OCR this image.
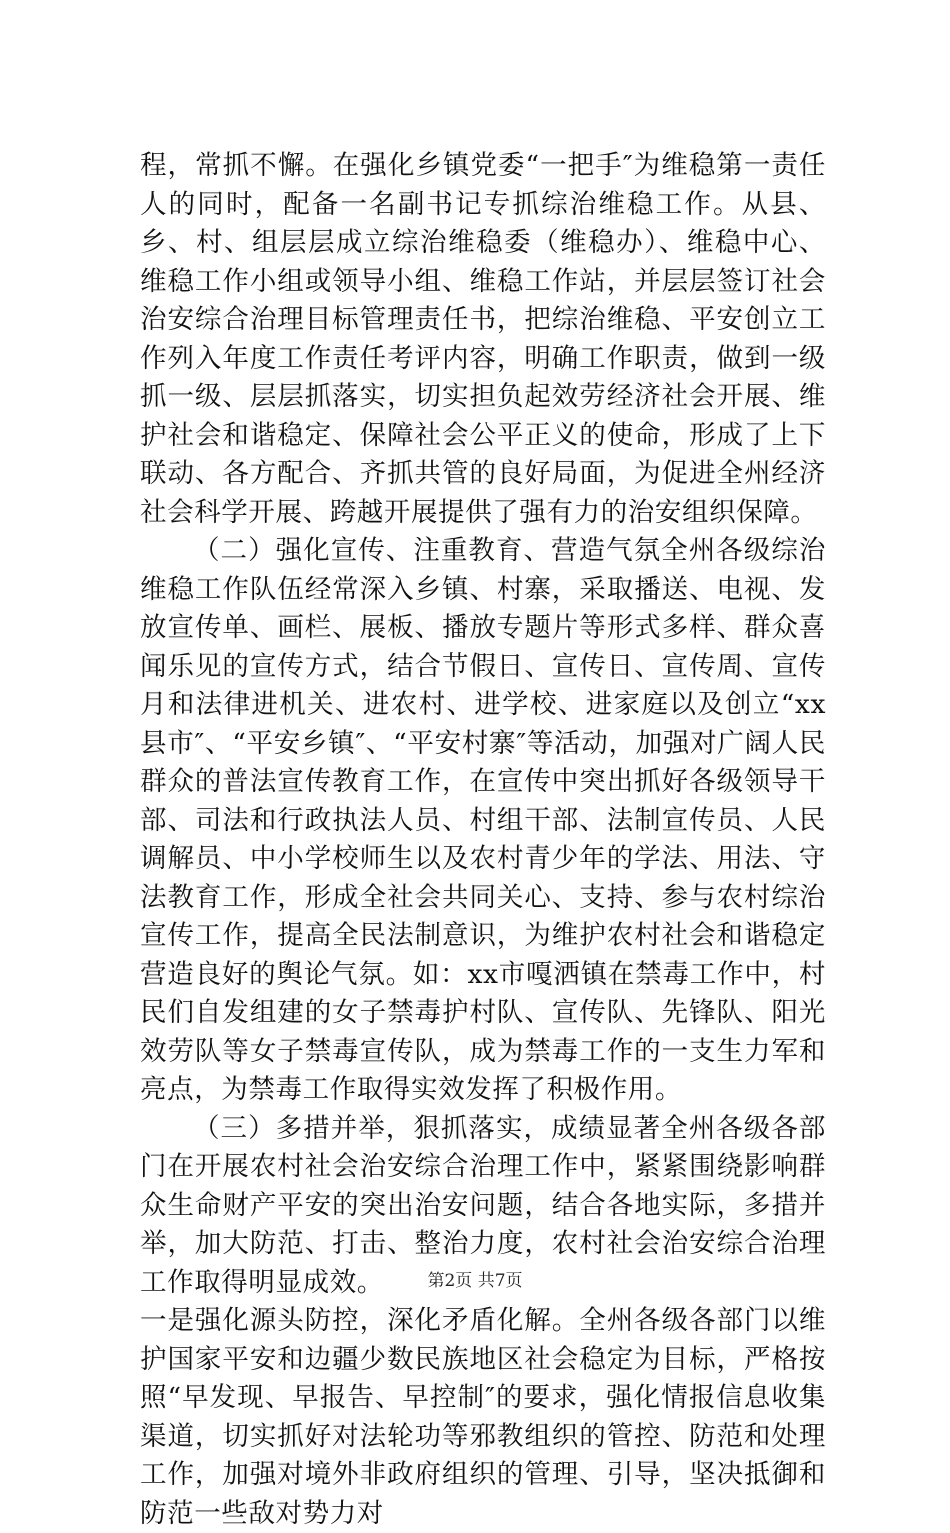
程，常抓不懈。在强化乡镇党委“一把手″为维稳第一责任人的同时，配备一名副书记专抓综治维稳工作。从县、乡、村、组层层成立综治维稳委（维稳办）、维稳中心、维稳工作小组或领导小组、维稳工作站，并层层签订社会治安综合治理目标管理责任书，把综治维稳、平安创立工作列入年度工作责任考评内容，明确工作职责，做到一级抓一级、层层抓落实，切实担负起效劳经济社会开展、维护社会和谐稳定、保障社会公平正义的使命，形成了上下联动、各方配合、齐抓共管的良好局面，为促进全州经济社会科学开展、跨越开展提供了强有力的治安组织保障。

（二）强化宣传、注重教育、营造气氛全州各级综治维稳工作队伍经常深入乡镇、村寨，采取播送、电视、发放宣传单、画栏、展板、播放专题片等形式多样、群众喜闻乐见的宣传方式，结合节假日、宣传日、宣传周、宣传月和法律进机关、进农村、进学校、进家庭以及创立“xx县市″、“平安乡镇″、“平安村寨″等活动，加强对广阔人民群众的普法宣传教育工作，在宣传中突出抓好各级领导干部、司法和行政执法人员、村组干部、法制宣传员、人民调解员、中小学校师生以及农村青少年的学法、用法、守法教育工作，形成全社会共同关心、支持、参与农村综治宣传工作，提高全民法制意识，为维护农村社会和谐稳定营造良好的舆论气氛。如：xx市嘎洒镇在禁毒工作中，村民们自发组建的女子禁毒护村队、宣传队、先锋队、阳光效劳队等女子禁毒宣传队，成为禁毒工作的一支生力军和亮点，为禁毒工作取得实效发挥了积极作用。

（三）多措并举，狠抓落实，成绩显著全州各级各部门在开展农村社会治安综合治理工作中，紧紧围绕影响群众生命财产平安的突出治安问题，结合各地实际，多措并举，加大防范、打击、整治力度，农村社会治安综合治理工作取得明显成效。

一是强化源头防控，深化矛盾化解。全州各级各部门以维护国家平安和边疆少数民族地区社会稳定为目标，严格按照“早发现、早报告、早控制″的要求，强化情报信息收集渠道，切实抓好对法轮功等邪教组织的管控、防范和处理工作，加强对境外非政府组织的管理、引导，坚决抵御和防范一些敌对势力对

第2页 共7页
